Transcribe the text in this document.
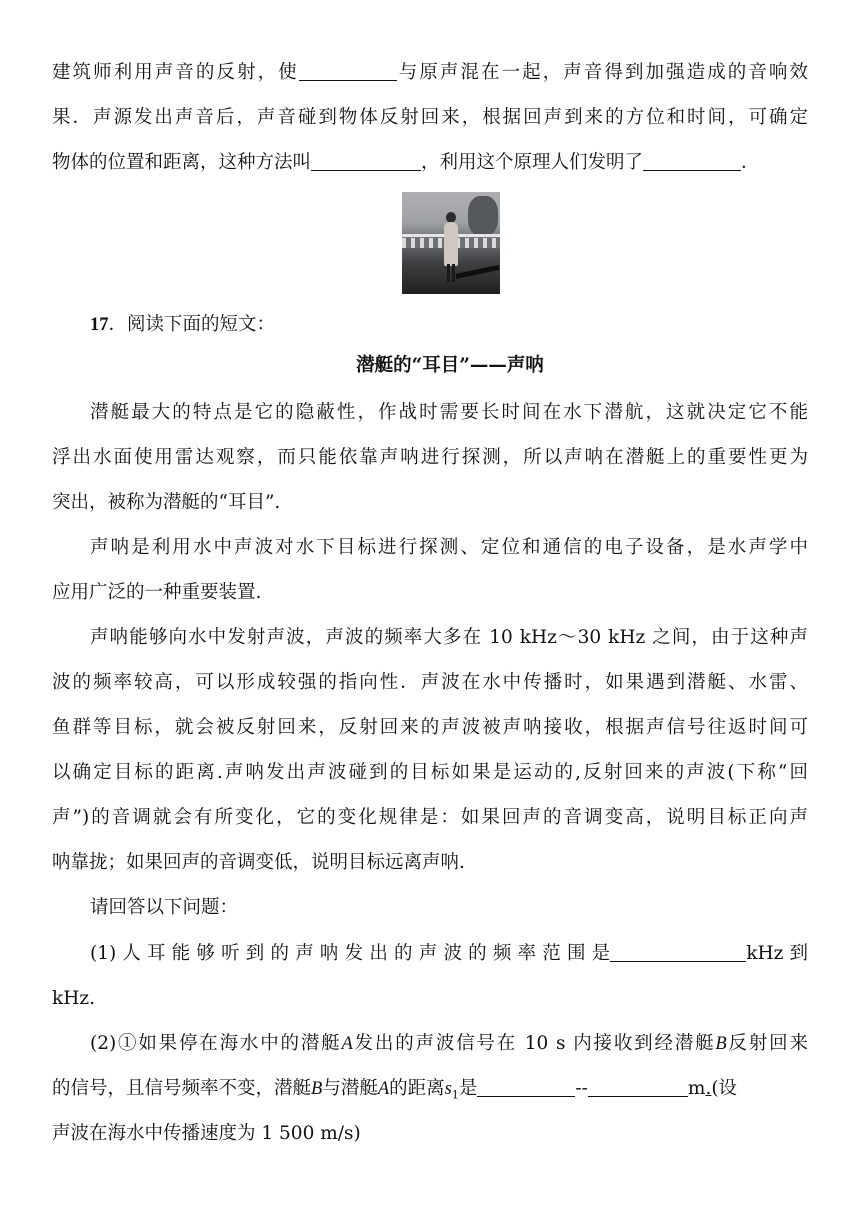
建筑师利用声音的反射，使	与原声混在一起，声音得到加强造成的音响效
果．声源发出声音后，声音碰到物体反射回来，根据回声到来的方位和时间，可确定
物体的位置和距离，这种方法叫	，利用这个原理人们发明了	．
17．阅读下面的短文：
潜艇的“耳目”——声呐
潜艇最大的特点是它的隐蔽性，作战时需要长时间在水下潜航，这就决定它不能
浮出水面使用雷达观察，而只能依靠声呐进行探测，所以声呐在潜艇上的重要性更为
突出，被称为潜艇的“耳目”.
声呐是利用水中声波对水下目标进行探测、定位和通信的电子设备，是水声学中
应用广泛的一种重要装置.
声呐能够向水中发射声波，声波的频率大多在 10 kHz～30 kHz 之间，由于这种声
波的频率较高，可以形成较强的指向性．声波在水中传播时，如果遇到潜艇、水雷、
鱼群等目标，就会被反射回来，反射回来的声波被声呐接收，根据声信号往返时间可
以确定目标的距离.声呐发出声波碰到的目标如果是运动的,反射回来的声波(下称“回
声”)的音调就会有所变化，它的变化规律是：如果回声的音调变高，说明目标正向声
呐靠拢；如果回声的音调变低，说明目标远离声呐.
请回答以下问题：
(1) 人 耳 能 够 听 到 的 声 呐 发 出 的 声 波 的 频 率 范 围 是	kHz 到
kHz.
(2)①如果停在海水中的潜艇A发出的声波信号在 10 s 内接收到经潜艇B反射回来
的信号，且信号频率不变，潜艇B与潜艇A的距离$s_1$是	--	m.(设
声波在海水中传播速度为 1 500 m/s)
